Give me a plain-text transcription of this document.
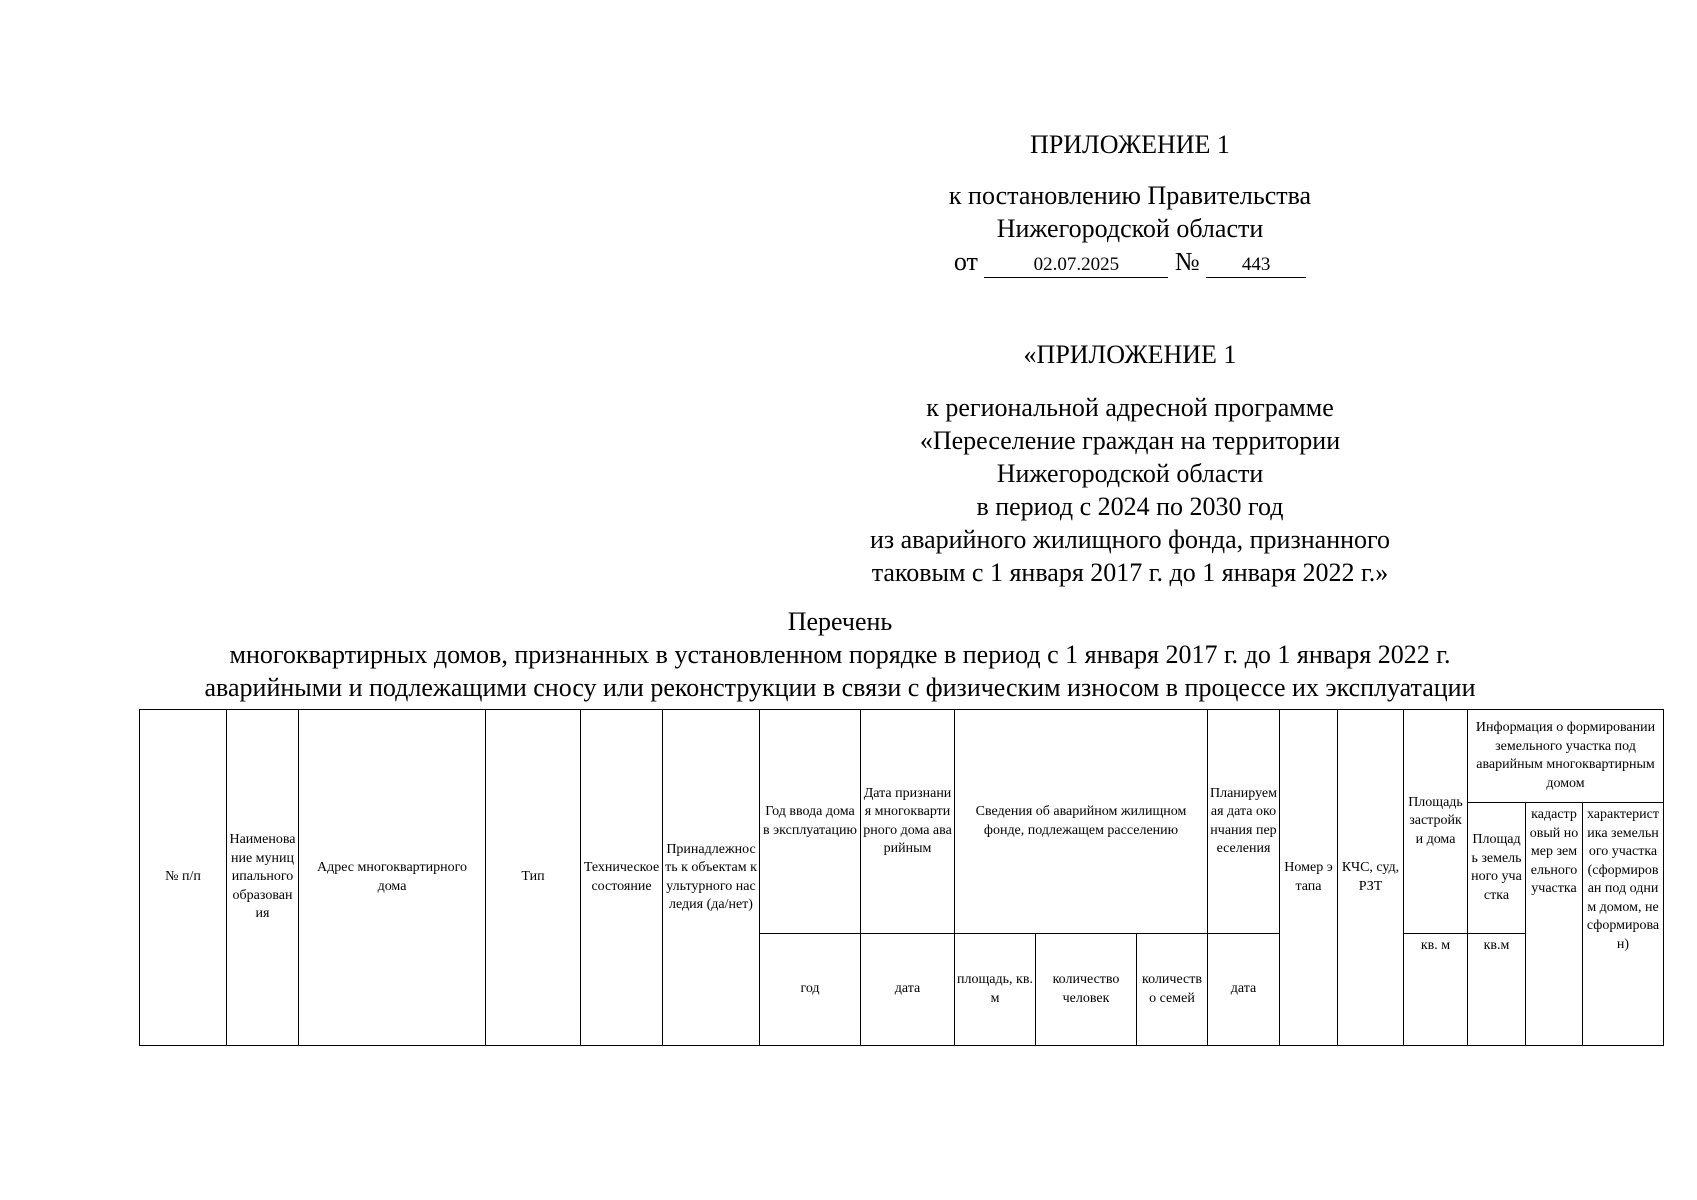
ПРИЛОЖЕНИЕ 1
к постановлению Правительства
Нижегородской области
от	02.07.2025 № 443
«ПРИЛОЖЕНИЕ 1
к региональной адресной программе
«Переселение граждан на территории
Нижегородской области
в период с 2024 по 2030 год
из аварийного жилищного фонда, признанного
таковым с 1 января 2017 г. до 1 января 2022 г.»
Перечень
многоквартирных домов, признанных в установленном порядке в период с 1 января 2017 г. до 1 января 2022 г.
аварийными и подлежащими сносу или реконструкции в связи с физическим износом в процессе их эксплуатации
№ п/п	Наименование муниципального образования	Адрес многоквартирного дома	Тип	Техническое состояние	Принадлежность к объектам культурного наследия (да/нет)	Год ввода дома в эксплуатацию	Дата признания многоквартирного дома аварийным	Сведения об аварийном жилищном фонде, подлежащем расселению			Планируемая дата окончания переселения	Номер этапа	КЧС, суд, РЗТ	Площадь застройки дома	Информация о формировании земельного участка под аварийным многоквартирным домом		
															Площадь земельного участка	кадастровый номер земельного участка	характеристика земельного участка (сформирован под одним домом, не сформирован)
						год	дата	площадь, кв.м	количество человек	количество семей	дата			кв. м	кв.м		
